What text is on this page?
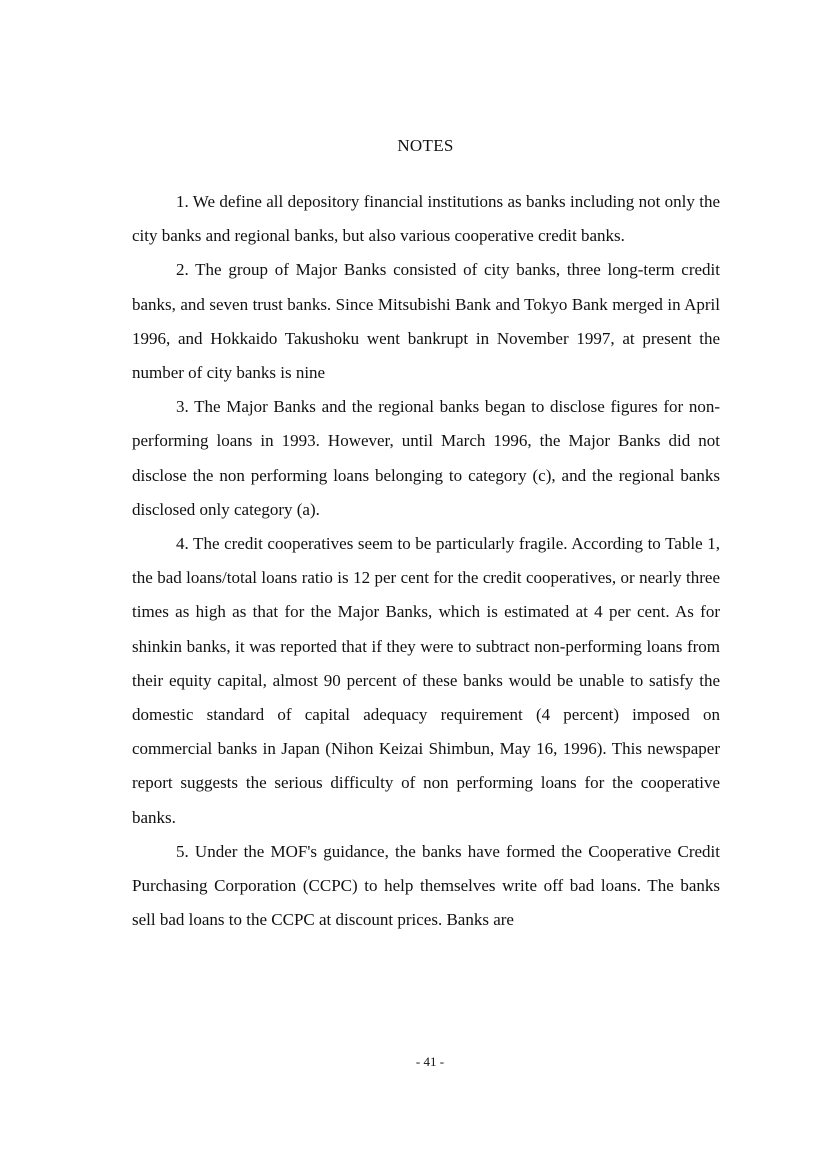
NOTES

1. We define all depository financial institutions as banks including not only the city banks and regional banks, but also various cooperative credit banks.

2. The group of Major Banks consisted of city banks, three long-term credit banks, and seven trust banks. Since Mitsubishi Bank and Tokyo Bank merged in April 1996, and Hokkaido Takushoku went bankrupt in November 1997, at present the number of city banks is nine

3. The Major Banks and the regional banks began to disclose figures for non-performing loans in 1993. However, until March 1996, the Major Banks did not disclose the non performing loans belonging to category (c), and the regional banks disclosed only category (a).

4. The credit cooperatives seem to be particularly fragile. According to Table 1, the bad loans/total loans ratio is 12 per cent for the credit cooperatives, or nearly three times as high as that for the Major Banks, which is estimated at 4 per cent. As for shinkin banks, it was reported that if they were to subtract non-performing loans from their equity capital, almost 90 percent of these banks would be unable to satisfy the domestic standard of capital adequacy requirement (4 percent) imposed on commercial banks in Japan (Nihon Keizai Shimbun, May 16, 1996). This newspaper report suggests the serious difficulty of non performing loans for the cooperative banks.

5. Under the MOF's guidance, the banks have formed the Cooperative Credit Purchasing Corporation (CCPC) to help themselves write off bad loans. The banks sell bad loans to the CCPC at discount prices. Banks are

- 41 -
